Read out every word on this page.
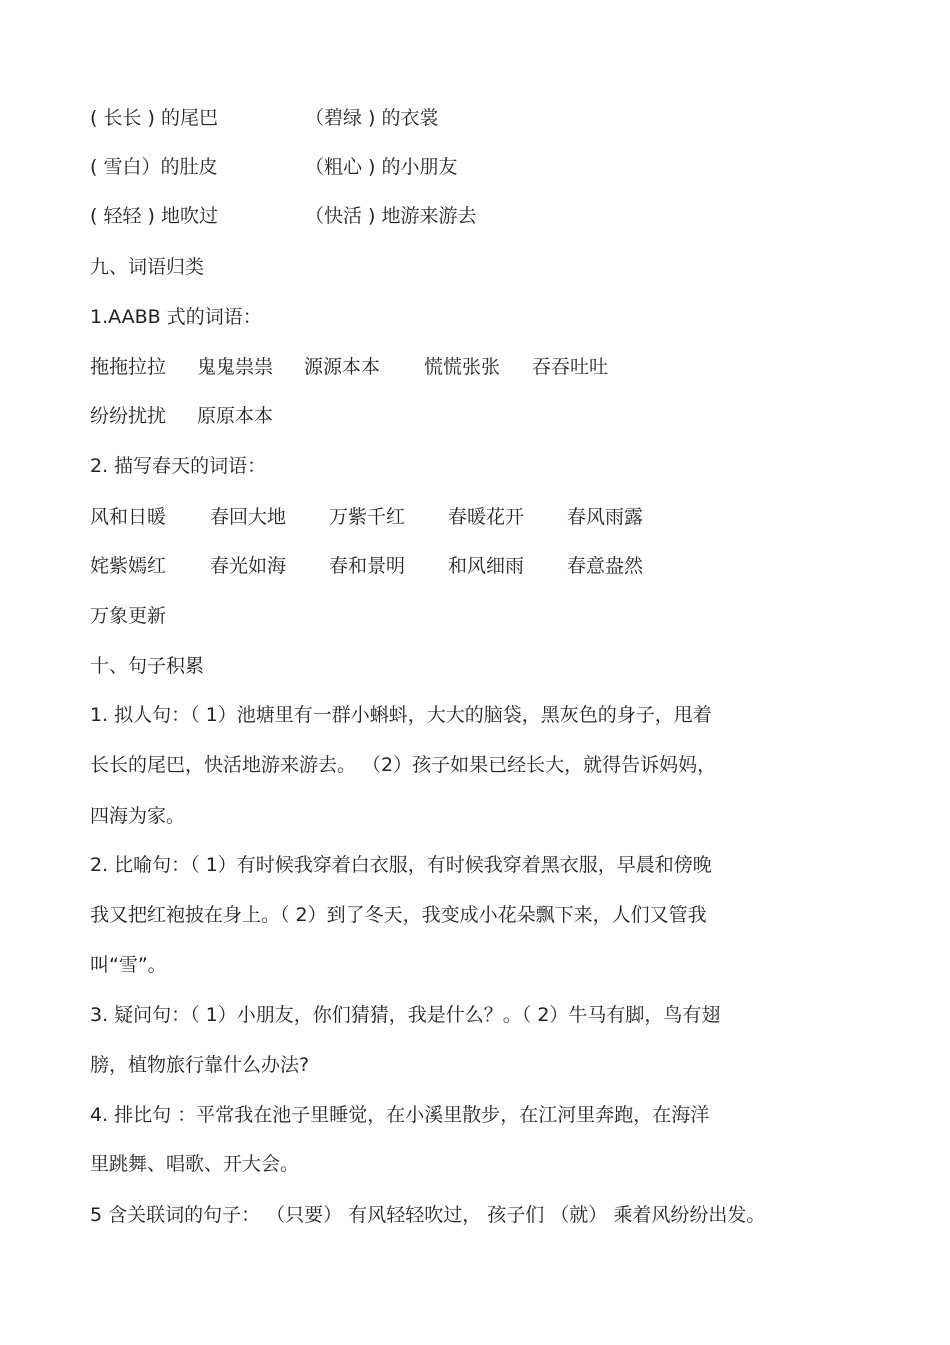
( 长长 ) 的尾巴	（碧绿 ) 的衣裳
( 雪白）的肚皮	（粗心 ) 的小朋友
( 轻轻 ) 地吹过	（快活 ) 地游来游去
九、词语归类
1.AABB 式的词语：
拖拖拉拉 鬼鬼祟祟 源源本本 慌慌张张 吞吞吐吐
纷纷扰扰 原原本本
2. 描写春天的词语：
风和日暖 春回大地 万紫千红 春暖花开 春风雨露
姹紫嫣红 春光如海 春和景明 和风细雨 春意盎然
万象更新
十、句子积累
1. 拟人句：（ 1）池塘里有一群小蝌蚪，大大的脑袋，黑灰色的身子，甩着
长长的尾巴，快活地游来游去。 （2）孩子如果已经长大，就得告诉妈妈，
四海为家。
2. 比喻句：（ 1）有时候我穿着白衣服，有时候我穿着黑衣服，早晨和傍晚
我又把红袍披在身上。（ 2）到了冬天，我变成小花朵飘下来，人们又管我
叫“雪”。
3. 疑问句：（ 1）小朋友，你们猜猜，我是什么？。（ 2）牛马有脚，鸟有翅
膀，植物旅行靠什么办法?
4. 排比句 ：平常我在池子里睡觉，在小溪里散步，在江河里奔跑，在海洋
里跳舞、唱歌、开大会。
5 含关联词的句子： （只要） 有风轻轻吹过， 孩子们 （就） 乘着风纷纷出发。
